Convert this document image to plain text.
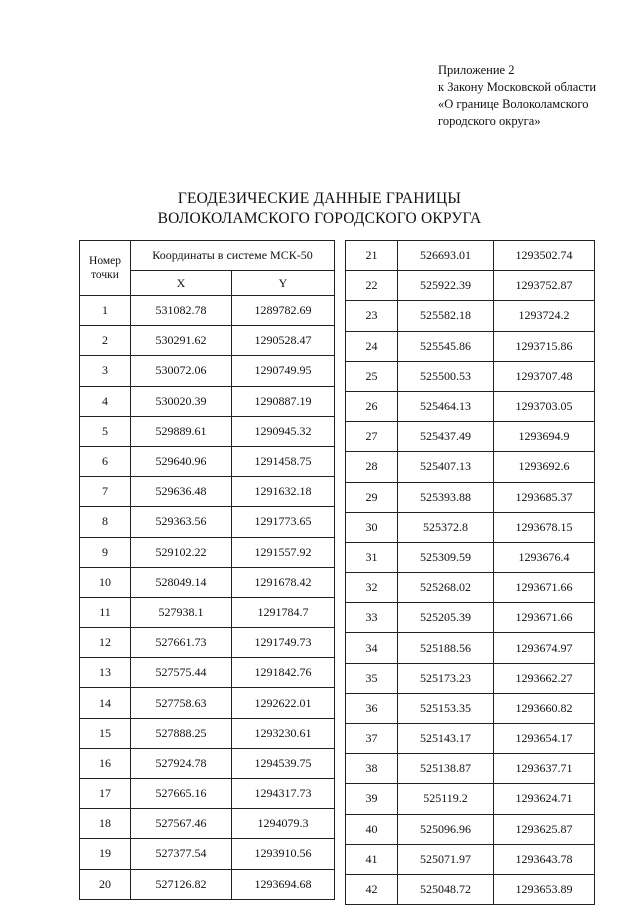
Приложение 2
к Закону Московской области
«О границе Волоколамского
городского округа»
ГЕОДЕЗИЧЕСКИЕ ДАННЫЕ ГРАНИЦЫ
ВОЛОКОЛАМСКОГО ГОРОДСКОГО ОКРУГА
Номер
точки	Координаты в системе МСК-50	
	X	Y
1	531082.78	1289782.69
2	530291.62	1290528.47
3	530072.06	1290749.95
4	530020.39	1290887.19
5	529889.61	1290945.32
6	529640.96	1291458.75
7	529636.48	1291632.18
8	529363.56	1291773.65
9	529102.22	1291557.92
10	528049.14	1291678.42
11	527938.1	1291784.7
12	527661.73	1291749.73
13	527575.44	1291842.76
14	527758.63	1292622.01
15	527888.25	1293230.61
16	527924.78	1294539.75
17	527665.16	1294317.73
18	527567.46	1294079.3
19	527377.54	1293910.56
20	527126.82	1293694.68
21	526693.01	1293502.74
22	525922.39	1293752.87
23	525582.18	1293724.2
24	525545.86	1293715.86
25	525500.53	1293707.48
26	525464.13	1293703.05
27	525437.49	1293694.9
28	525407.13	1293692.6
29	525393.88	1293685.37
30	525372.8	1293678.15
31	525309.59	1293676.4
32	525268.02	1293671.66
33	525205.39	1293671.66
34	525188.56	1293674.97
35	525173.23	1293662.27
36	525153.35	1293660.82
37	525143.17	1293654.17
38	525138.87	1293637.71
39	525119.2	1293624.71
40	525096.96	1293625.87
41	525071.97	1293643.78
42	525048.72	1293653.89
